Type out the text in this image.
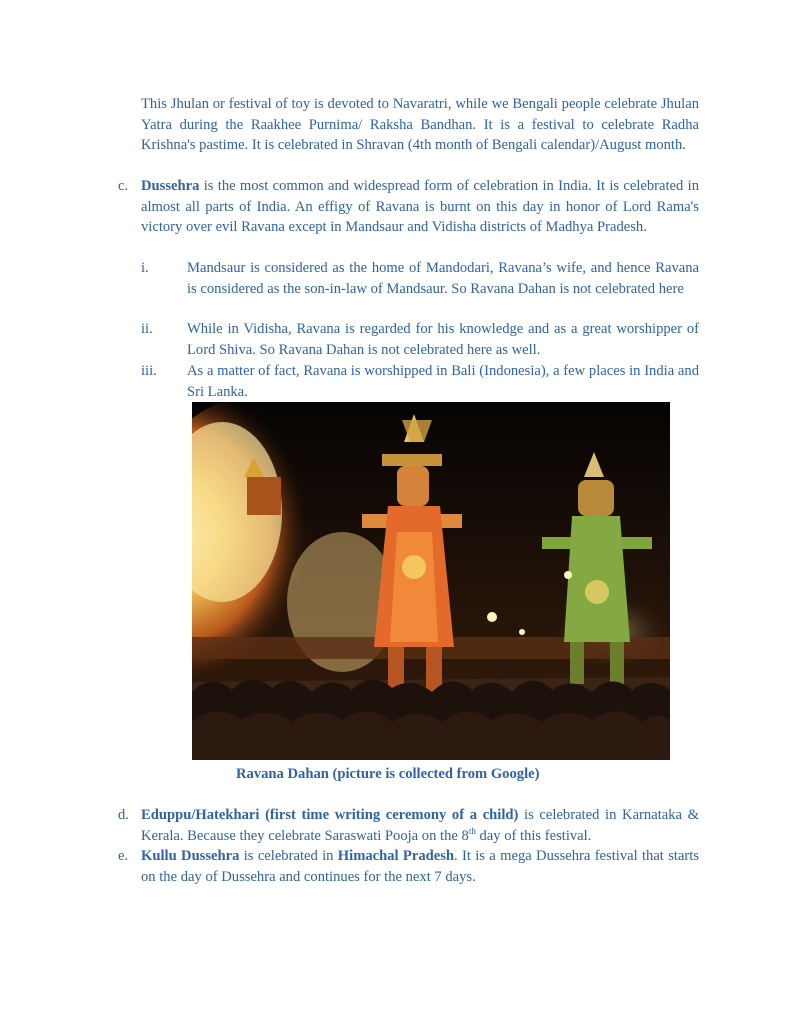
This Jhulan or festival of toy is devoted to Navaratri, while we Bengali people celebrate Jhulan Yatra during the Raakhee Purnima/ Raksha Bandhan. It is a festival to celebrate Radha Krishna's pastime. It is celebrated in Shravan (4th month of Bengali calendar)/August month.

c. Dussehra is the most common and widespread form of celebration in India. It is celebrated in almost all parts of India. An effigy of Ravana is burnt on this day in honor of Lord Rama's victory over evil Ravana except in Mandsaur and Vidisha districts of Madhya Pradesh.

i.	Mandsaur is considered as the home of Mandodari, Ravana’s wife, and hence Ravana is considered as the son-in-law of Mandsaur. So Ravana Dahan is not celebrated here

ii. While in Vidisha, Ravana is regarded for his knowledge and as a great worshipper of Lord Shiva. So Ravana Dahan is not celebrated here as well.

iii. As a matter of fact, Ravana is worshipped in Bali (Indonesia), a few places in India and Sri Lanka.

Ravana Dahan (picture is collected from Google)
d. Eduppu/Hatekhari (first time writing ceremony of a child) is celebrated in Karnataka & Kerala. Because they celebrate Saraswati Pooja on the 8th day of this festival.

e. Kullu Dussehra is celebrated in Himachal Pradesh. It is a mega Dussehra festival that starts on the day of Dussehra and continues for the next 7 days.
